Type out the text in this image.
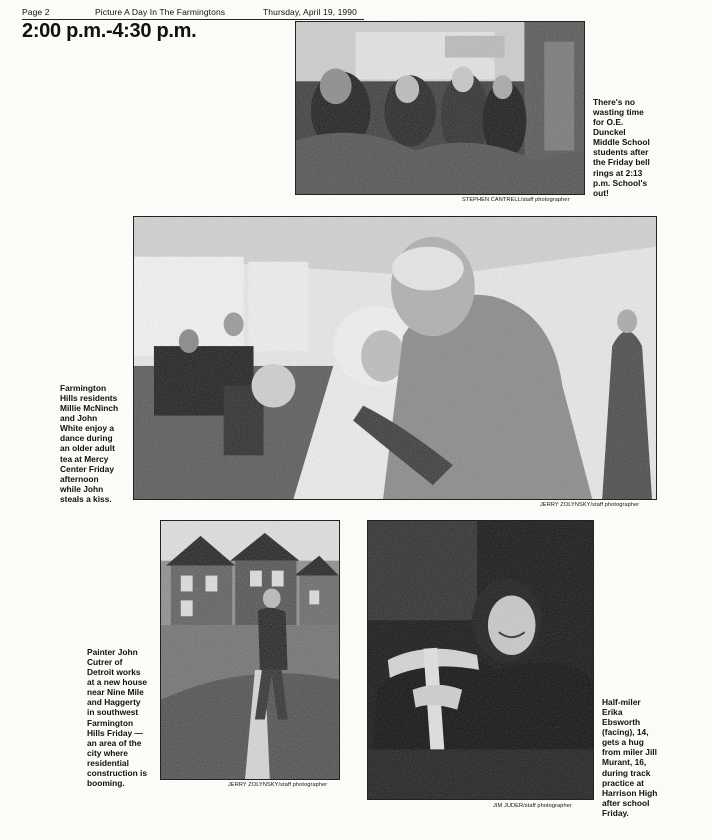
Page 2	Picture A Day In The Farmingtons	Thursday, April 19, 1990
2:00 p.m.-4:30 p.m.
STEPHEN CANTRELL/staff photographer
There's no
wasting time
for O.E.
Dunckel
Middle School
students after
the Friday bell
rings at 2:13
p.m. School's
out!
JERRY ZOLYNSKY/staff photographer
Farmington
Hills residents
Millie McNinch
and John
White enjoy a
dance during
an older adult
tea at Mercy
Center Friday
afternoon
while John
steals a kiss.
JERRY ZOLYNSKY/staff photographer
Painter John
Cutrer of
Detroit works
at a new house
near Nine Mile
and Haggerty
in southwest
Farmington
Hills Friday —
an area of the
city where
residential
construction is
booming.
JIM JUDER/staff photographer
Half-miler
Erika
Ebsworth
(facing), 14,
gets a hug
from miler Jill
Murant, 16,
during track
practice at
Harrison High
after school
Friday.
